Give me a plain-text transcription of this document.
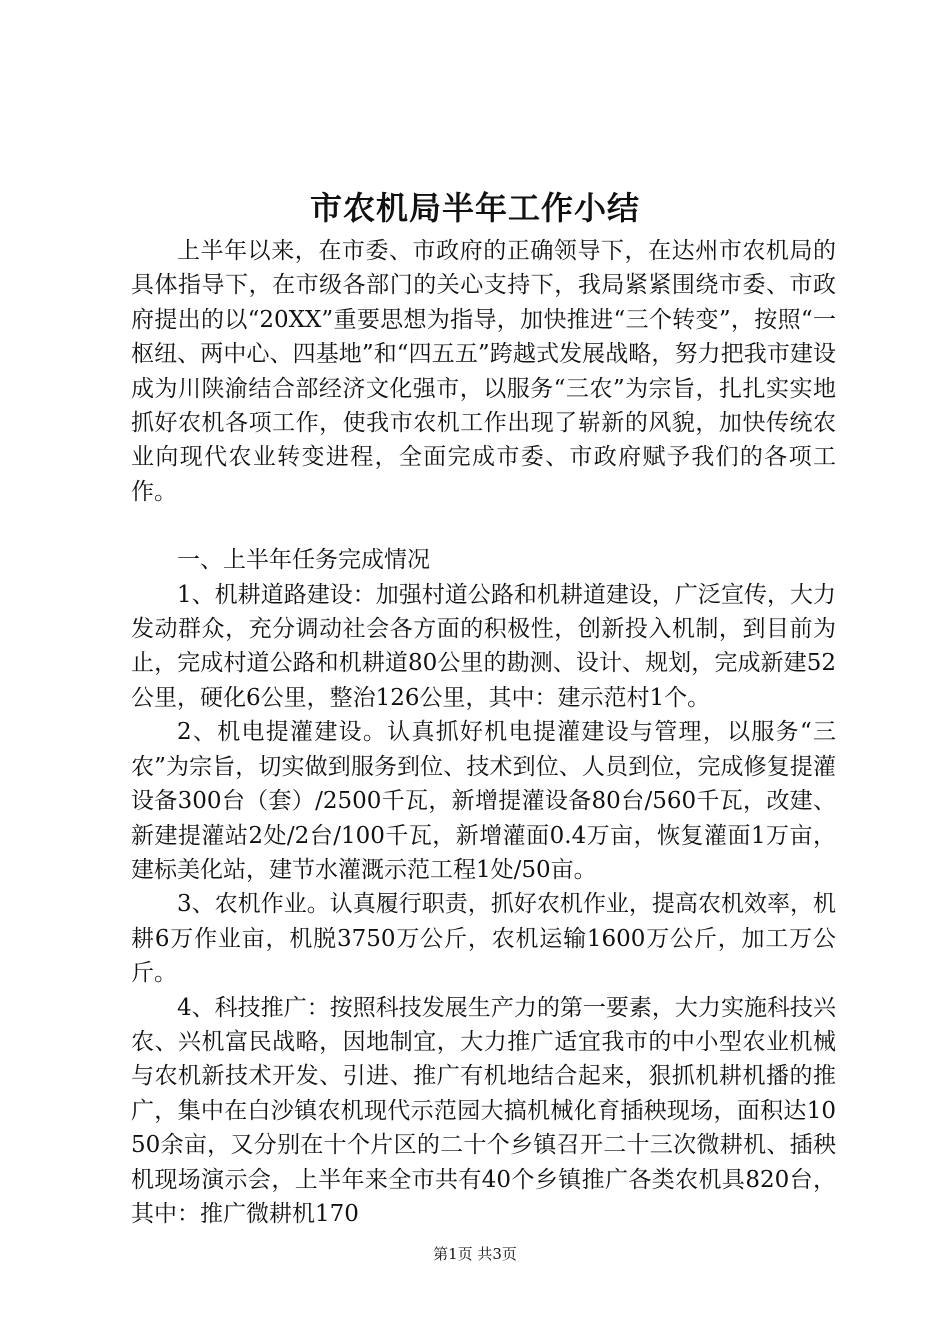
市农机局半年工作小结

上半年以来，在市委、市政府的正确领导下，在达州市农机局的具体指导下，在市级各部门的关心支持下，我局紧紧围绕市委、市政府提出的以“20XX”重要思想为指导，加快推进“三个转变”，按照“一枢纽、两中心、四基地”和“四五五”跨越式发展战略，努力把我市建设成为川陕渝结合部经济文化强市，以服务“三农”为宗旨，扎扎实实地抓好农机各项工作，使我市农机工作出现了崭新的风貌，加快传统农业向现代农业转变进程，全面完成市委、市政府赋予我们的各项工作。

一、上半年任务完成情况

1、机耕道路建设：加强村道公路和机耕道建设，广泛宣传，大力发动群众，充分调动社会各方面的积极性，创新投入机制，到目前为止，完成村道公路和机耕道80公里的勘测、设计、规划，完成新建52公里，硬化6公里，整治126公里，其中：建示范村1个。

2、机电提灌建设。认真抓好机电提灌建设与管理，以服务“三农”为宗旨，切实做到服务到位、技术到位、人员到位，完成修复提灌设备300台（套）/2500千瓦，新增提灌设备80台/560千瓦，改建、新建提灌站2处/2台/100千瓦，新增灌面0.4万亩，恢复灌面1万亩，建标美化站，建节水灌溉示范工程1处/50亩。

3、农机作业。认真履行职责，抓好农机作业，提高农机效率，机耕6万作业亩，机脱3750万公斤，农机运输1600万公斤，加工万公斤。

4、科技推广：按照科技发展生产力的第一要素，大力实施科技兴农、兴机富民战略，因地制宜，大力推广适宜我市的中小型农业机械与农机新技术开发、引进、推广有机地结合起来，狠抓机耕机播的推广，集中在白沙镇农机现代示范园大搞机械化育插秧现场，面积达1050余亩，又分别在十个片区的二十个乡镇召开二十三次微耕机、插秧机现场演示会，上半年来全市共有40个乡镇推广各类农机具820台，其中：推广微耕机170

第1页 共3页
